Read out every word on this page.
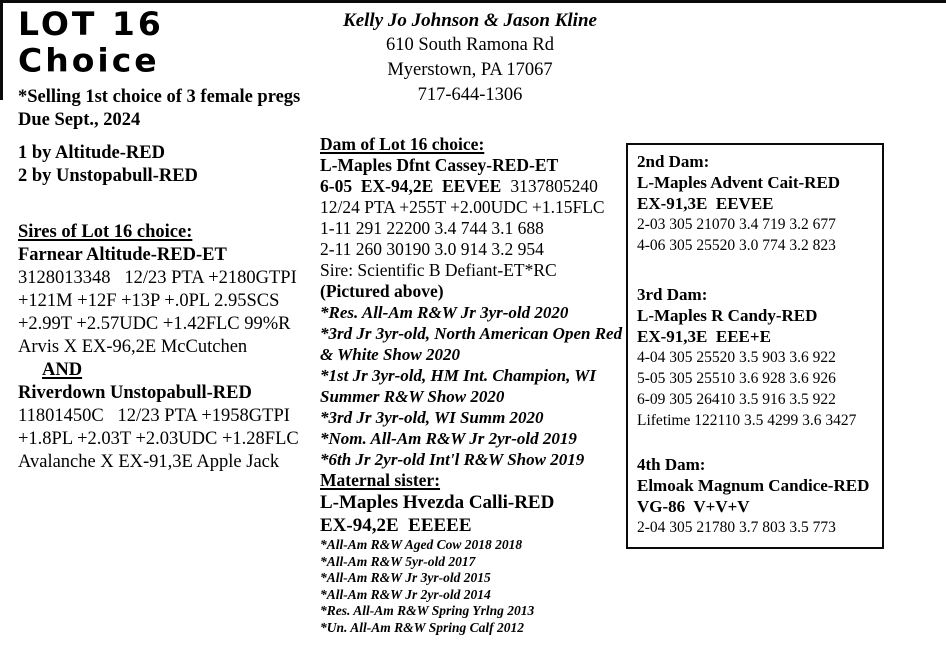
LOT 16 Choice
*Selling 1st choice of 3 female pregs
Due Sept., 2024
1 by Altitude-RED
2 by Unstopabull-RED
Sires of Lot 16 choice:
Farnear Altitude-RED-ET
3128013348   12/23 PTA +2180GTPI
+121M +12F +13P +.0PL 2.95SCS
+2.99T +2.57UDC +1.42FLC 99%R
Arvis X EX-96,2E McCutchen
AND
Riverdown Unstopabull-RED
11801450C   12/23 PTA +1958GTPI
+1.8PL +2.03T +2.03UDC +1.28FLC
Avalanche X EX-91,3E Apple Jack
Kelly Jo Johnson & Jason Kline
610 South Ramona Rd
Myerstown, PA 17067
717-644-1306
Dam of Lot 16 choice:
L-Maples Dfnt Cassey-RED-ET
6-05  EX-94,2E  EEVEE 3137805240
12/24 PTA +255T +2.00UDC +1.15FLC
1-11 291 22200 3.4 744 3.1 688
2-11 260 30190 3.0 914 3.2 954
Sire: Scientific B Defiant-ET*RC
(Pictured above)
*Res. All-Am R&W Jr 3yr-old 2020
*3rd Jr 3yr-old, North American Open Red & White Show 2020
*1st Jr 3yr-old, HM Int. Champion, WI Summer R&W Show 2020
*3rd Jr 3yr-old, WI Summ 2020
*Nom. All-Am R&W Jr 2yr-old 2019
*6th Jr 2yr-old Int'l R&W Show 2019
Maternal sister:
L-Maples Hvezda Calli-RED
EX-94,2E  EEEEE
*All-Am R&W Aged Cow 2018 2018
*All-Am R&W 5yr-old 2017
*All-Am R&W Jr 3yr-old 2015
*All-Am R&W Jr 2yr-old 2014
*Res. All-Am R&W Spring Yrlng 2013
*Un. All-Am R&W Spring Calf 2012
2nd Dam:
L-Maples Advent Cait-RED
EX-91,3E  EEVEE
2-03 305 21070 3.4 719 3.2 677
4-06 305 25520 3.0 774 3.2 823
3rd Dam:
L-Maples R Candy-RED
EX-91,3E  EEE+E
4-04 305 25520 3.5 903 3.6 922
5-05 305 25510 3.6 928 3.6 926
6-09 305 26410 3.5 916 3.5 922
Lifetime 122110 3.5 4299 3.6 3427
4th Dam:
Elmoak Magnum Candice-RED
VG-86  V+V+V
2-04 305 21780 3.7 803 3.5 773
